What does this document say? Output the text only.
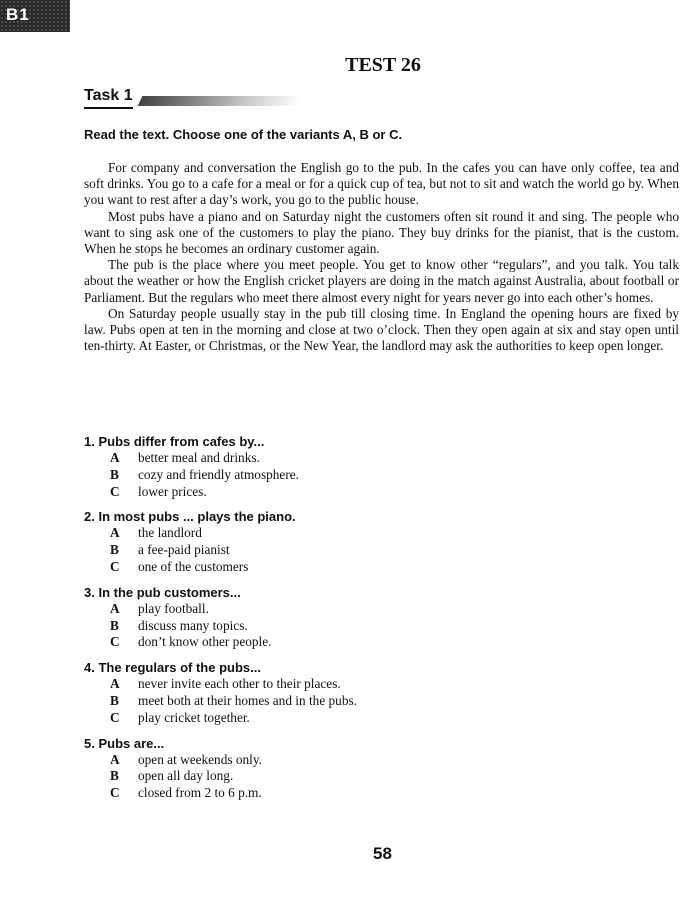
B1
TEST 26
Task 1
Read the text. Choose one of the variants A, B or C.

For company and conversation the English go to the pub. In the cafes you can have only coffee, tea and soft drinks. You go to a cafe for a meal or for a quick cup of tea, but not to sit and watch the world go by. When you want to rest after a day’s work, you go to the public house.

Most pubs have a piano and on Saturday night the customers often sit round it and sing. The people who want to sing ask one of the customers to play the piano. They buy drinks for the pianist, that is the custom. When he stops he becomes an ordinary customer again.

The pub is the place where you meet people. You get to know other “regulars”, and you talk. You talk about the weather or how the English cricket players are doing in the match against Australia, about football or Parliament. But the regulars who meet there almost every night for years never go into each other’s homes.

On Saturday people usually stay in the pub till closing time. In England the opening hours are fixed by law. Pubs open at ten in the morning and close at two o’clock. Then they open again at six and stay open until ten-thirty. At Easter, or Christmas, or the New Year, the landlord may ask the authorities to keep open longer.

1. Pubs differ from cafes by...
A	better meal and drinks.
B	cozy and friendly atmosphere.
C	lower prices.
2. In most pubs ... plays the piano.
A	the landlord
B	a fee-paid pianist
C	one of the customers
3. In the pub customers...
A	play football.
B	discuss many topics.
C	don’t know other people.
4. The regulars of the pubs...
A	never invite each other to their places.
B	meet both at their homes and in the pubs.
C	play cricket together.
5. Pubs are...
A	open at weekends only.
B	open all day long.
C	closed from 2 to 6 p.m.
58
